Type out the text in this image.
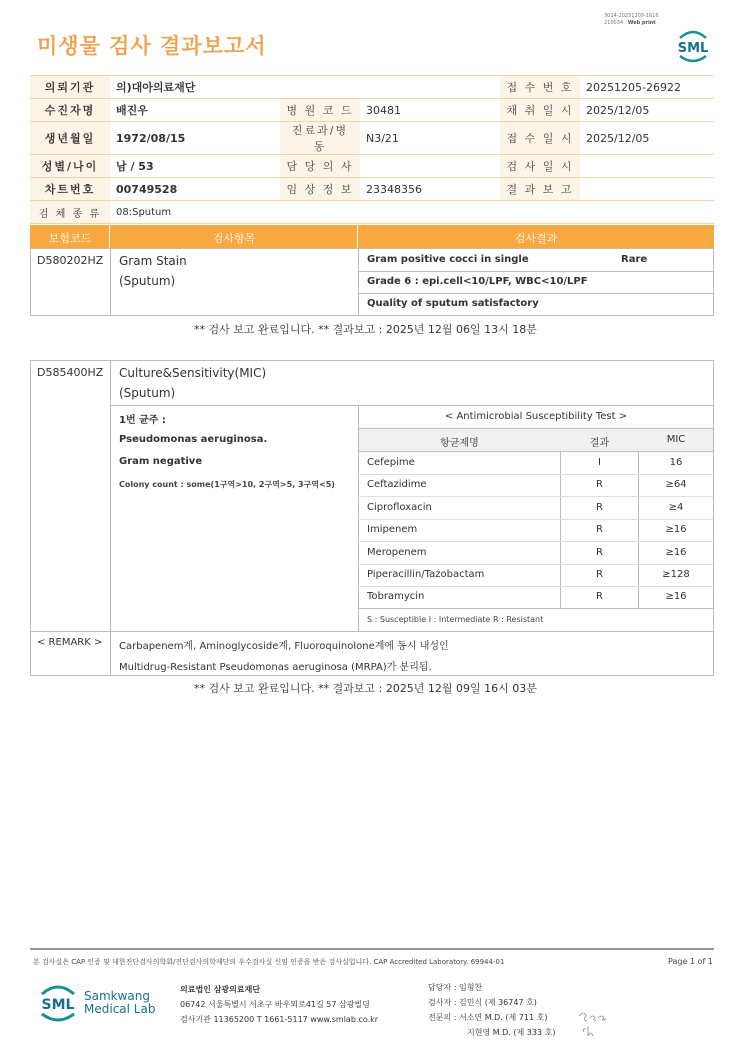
미생물 검사 결과보고서
3014-20251209-1616
210034 Web print
SML
의뢰기관	의)대아의료재단			접 수 번 호	20251205-26922
수진자명	배진우	병 원 코 드	30481	채 취 일 시	2025/12/05
생년월일	1972/08/15	진료과/병동	N3/21	접 수 일 시	2025/12/05
성별/나이	남 / 53	담 당 의 사		검 사 일 시	
차트번호	00749528	임 상 정 보	23348356	결 과 보 고	
검 체 종 류	08:Sputum				
보험코드	검사항목	검사결과
D580202HZ Gram Stain
(Sputum)
Gram positive cocci in single	Rare
Grade 6 : epi.cell<10/LPF, WBC<10/LPF
Quality of sputum satisfactory
** 검사 보고 완료입니다. ** 결과보고 : 2025년 12월 06일 13시 18분
D585400HZ Culture&Sensitivity(MIC)
(Sputum)
1번 균주 :
Pseudomonas aeruginosa.
Gram negative
Colony count : some(1구역>10, 2구역>5, 3구역<5)
< Antimicrobial Susceptibility Test >
항균제명	결과	MIC
Cefepime	I	16
Ceftazidime	R	≥64
Ciprofloxacin	R	≥4
Imipenem	R	≥16
Meropenem	R	≥16
Piperacillin/Tazobactam	R	≥128
Tobramycin	R	≥16
S : Susceptible I : Intermediate R : Resistant
< REMARK > Carbapenem계, Aminoglycoside계, Fluoroquinolone계에 동시 내성인
Multidrug-Resistant Pseudomonas aeruginosa (MRPA)가 분리됨.
** 검사 보고 완료입니다. ** 결과보고 : 2025년 12월 09일 16시 03분
본 검사실은 CAP 인증 및 대한진단검사의학회/진단검사의학재단의 우수검사실 신임 인증을 받은 검사실입니다. CAP Accredited Laboratory. 69944-01	Page 1 of 1
SML
Samkwang
Medical Lab
의료법인 삼광의료재단
06742 서울특별시 서초구 바우뫼로41길 57 삼광빌딩
검사기관 11365200 T 1661-5117 www.smlab.co.kr
담당자 : 임형찬
검사자 : 김민식 (제 36747 호)
전문의 : 서소연 M.D. (제 711 호)
지현영 M.D. (제 333 호)
